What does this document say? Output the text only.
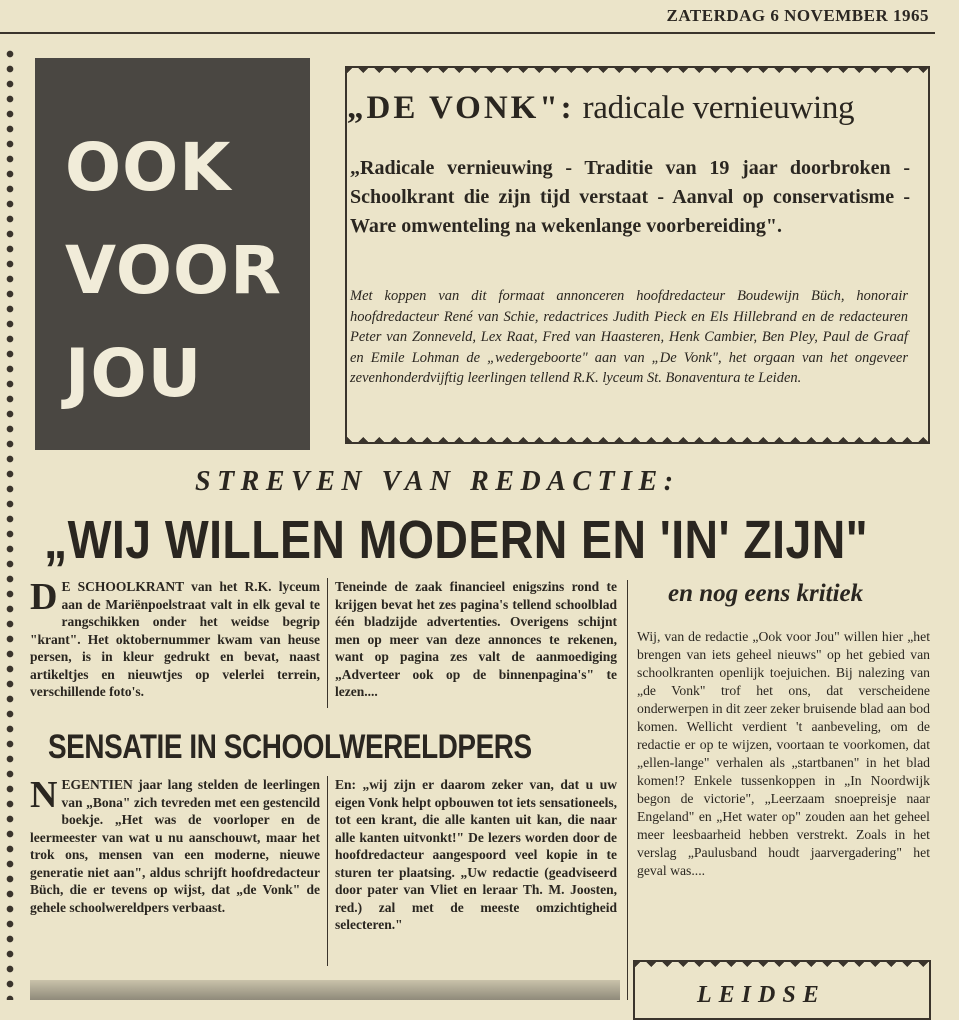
ZATERDAG 6 NOVEMBER 1965
OOK
VOOR
JOU
„DE VONK": radicale vernieuwing
„Radicale vernieuwing - Traditie van 19 jaar doorbroken - Schoolkrant die zijn tijd verstaat - Aanval op conservatisme - Ware omwenteling na wekenlange voorbereiding".
Met koppen van dit formaat annonceren hoofdredacteur Boudewijn Büch, honorair hoofdredacteur René van Schie, redactrices Judith Pieck en Els Hillebrand en de redacteuren Peter van Zonneveld, Lex Raat, Fred van Haasteren, Henk Cambier, Ben Pley, Paul de Graaf en Emile Lohman de „wedergeboorte" aan van „De Vonk", het orgaan van het ongeveer zevenhonderdvijftig leerlingen tellend R.K. lyceum St. Bonaventura te Leiden.
STREVEN VAN REDACTIE:
„WIJ WILLEN MODERN EN 'IN' ZIJN"
D E SCHOOLKRANT van het R.K. lyceum aan de Mariënpoelstraat valt in elk geval te rangschikken onder het weidse begrip "krant". Het oktobernummer kwam van heuse persen, is in kleur gedrukt en bevat, naast artikeltjes en nieuwtjes op velerlei terrein, verschillende foto's.
Teneinde de zaak financieel enigszins rond te krijgen bevat het zes pagina's tellend schoolblad één bladzijde advertenties. Overigens schijnt men op meer van deze annonces te rekenen, want op pagina zes valt de aanmoediging „Adverteer ook op de binnenpagina's" te lezen....
SENSATIE IN SCHOOLWERELDPERS
NEGENTIEN jaar lang stelden de leerlingen van „Bona" zich tevreden met een gestencild boekje. „Het was de voorloper en de leermeester van wat u nu aanschouwt, maar het trok ons, mensen van een moderne, nieuwe generatie niet aan", aldus schrijft hoofdredacteur Büch, die er tevens op wijst, dat „de Vonk" de gehele schoolwereldpers verbaast.
En: „wij zijn er daarom zeker van, dat u uw eigen Vonk helpt opbouwen tot iets sensationeels, tot een krant, die alle kanten uit kan, die naar alle kanten uitvonkt!" De lezers worden door de hoofdredacteur aangespoord veel kopie in te sturen ter plaatsing. „Uw redactie (geadviseerd door pater van Vliet en leraar Th. M. Joosten, red.) zal met de meeste omzichtigheid selecteren."
en nog eens kritiek
Wij, van de redactie „Ook voor Jou" willen hier „het brengen van iets geheel nieuws" op het gebied van schoolkranten openlijk toejuichen. Bij nalezing van „de Vonk" trof het ons, dat verscheidene onderwerpen in dit zeer zeker bruisende blad aan bod komen. Wellicht verdient 't aanbeveling, om de redactie er op te wijzen, voortaan te voorkomen, dat „ellen-lange" verhalen als „startbanen" in het blad komen!? Enkele tussenkoppen in „In Noordwijk begon de victorie", „Leerzaam snoepreisje naar Engeland" en „Het water op" zouden aan het geheel meer leesbaarheid hebben verstrekt. Zoals in het verslag „Paulusband houdt jaarvergadering" het geval was....
LEIDSE
